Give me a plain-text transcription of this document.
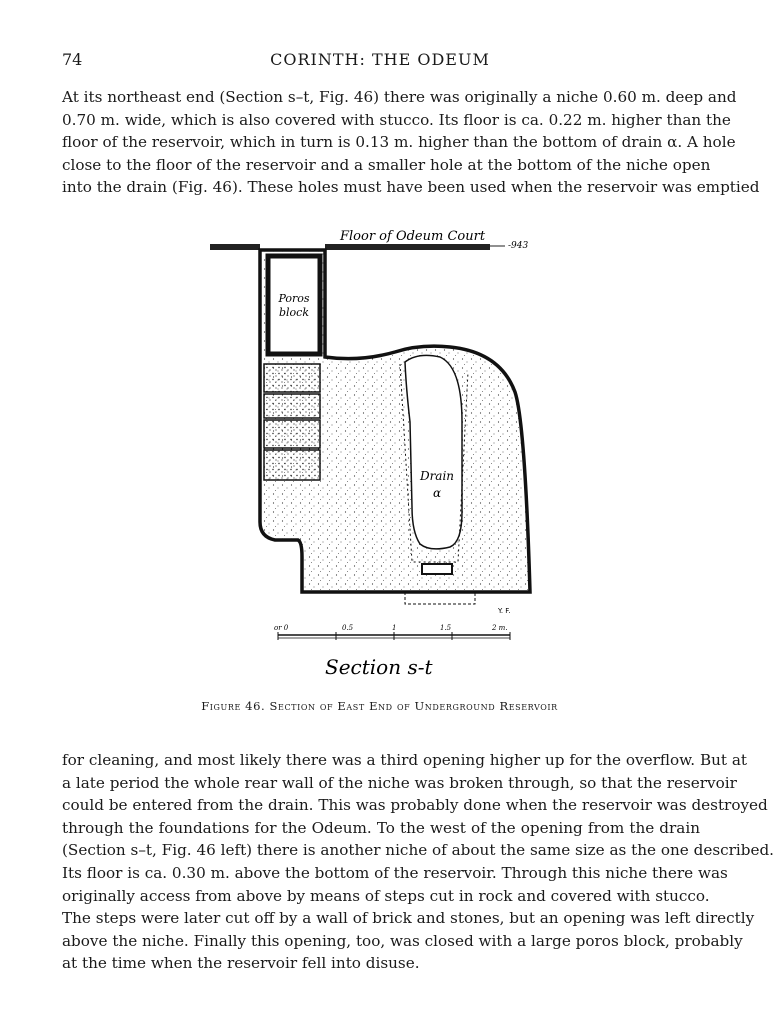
74	CORINTH: THE ODEUM
At its northeast end (Section s–t, Fig. 46) there was originally a niche 0.60 m. deep and
0.70 m. wide, which is also covered with stucco. Its floor is ca. 0.22 m. higher than the
floor of the reservoir, which in turn is 0.13 m. higher than the bottom of drain α. A hole
close to the floor of the reservoir and a smaller hole at the bottom of the niche open
into the drain (Fig. 46). These holes must have been used when the reservoir was emptied
Poros
block
Drain
α
Floor of Odeum Court
-943
Y. F.
or 0	0.5	1	1.5	2 m.
Section s-t
Figure 46. Section of East End of Underground Reservoir
for cleaning, and most likely there was a third opening higher up for the overflow. But at
a late period the whole rear wall of the niche was broken through, so that the reservoir
could be entered from the drain. This was probably done when the reservoir was destroyed
through the foundations for the Odeum. To the west of the opening from the drain
(Section s–t, Fig. 46 left) there is another niche of about the same size as the one described.
Its floor is ca. 0.30 m. above the bottom of the reservoir. Through this niche there was
originally access from above by means of steps cut in rock and covered with stucco.
The steps were later cut off by a wall of brick and stones, but an opening was left directly
above the niche. Finally this opening, too, was closed with a large poros block, probably
at the time when the reservoir fell into disuse.
